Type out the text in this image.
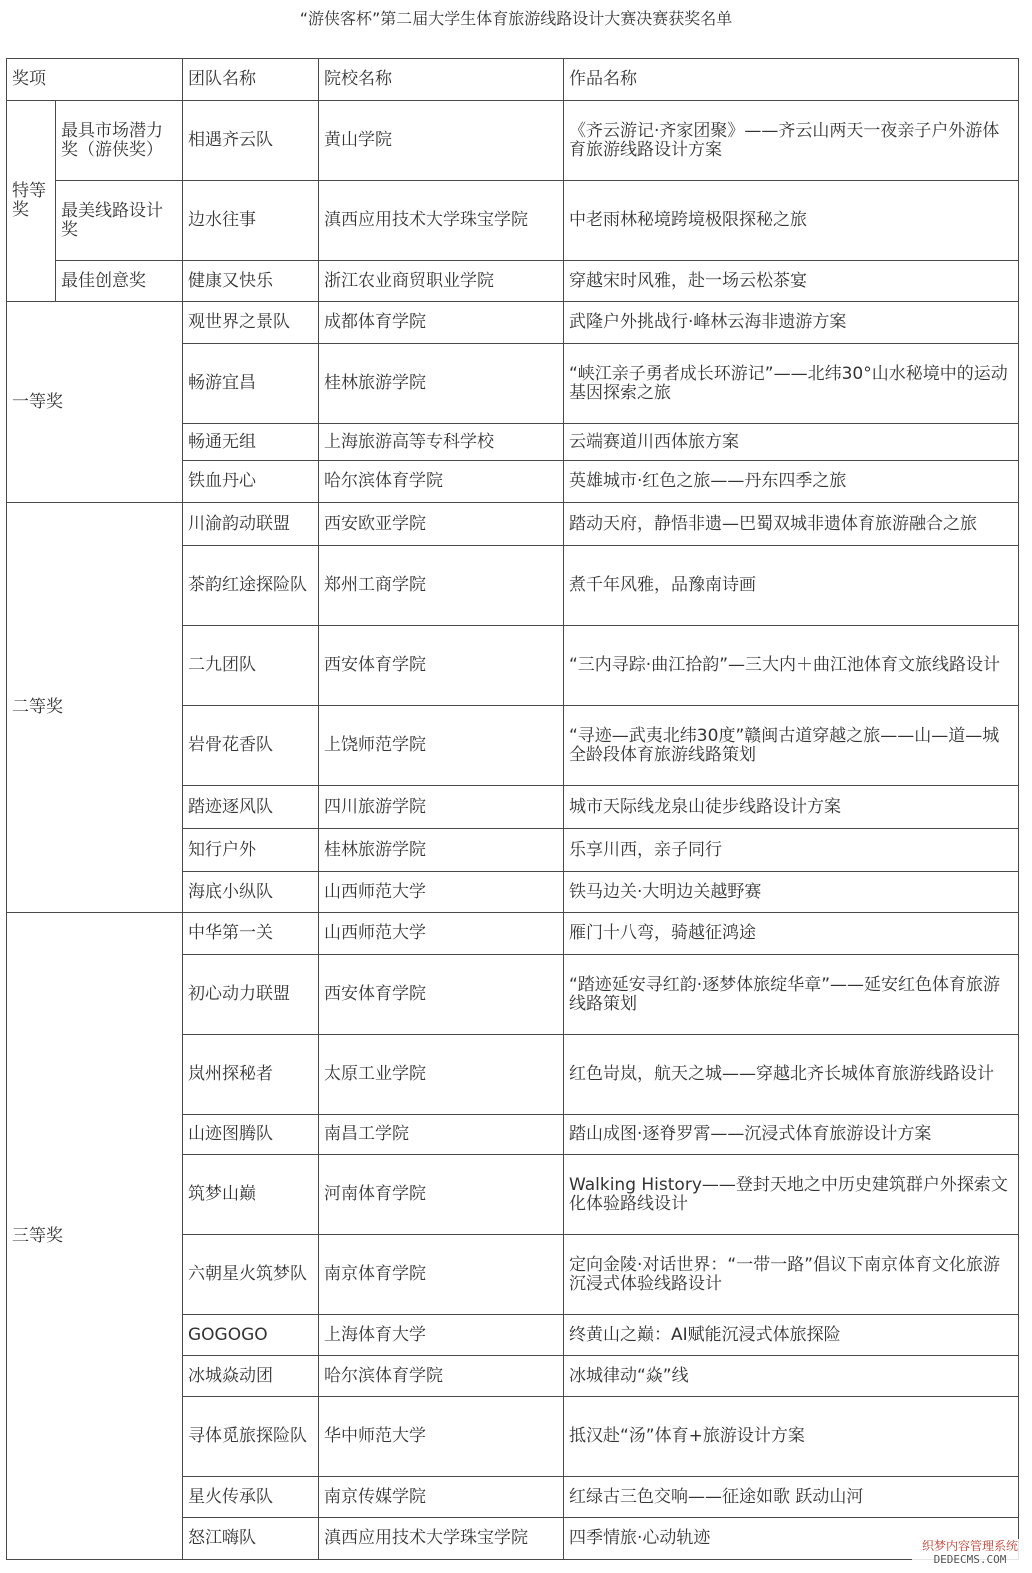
“游侠客杯”第二届大学生体育旅游线路设计大赛决赛获奖名单
奖项		团队名称	院校名称	作品名称
特等奖	最具市场潜力奖（游侠奖）	相遇齐云队	黄山学院	《齐云游记·齐家团聚》——齐云山两天一夜亲子户外游体育旅游线路设计方案
	最美线路设计奖	边水往事	滇西应用技术大学珠宝学院	中老雨林秘境跨境极限探秘之旅
	最佳创意奖	健康又快乐	浙江农业商贸职业学院	穿越宋时风雅，赴一场云松茶宴
一等奖		观世界之景队	成都体育学院	武隆户外挑战行·峰林云海非遗游方案
		畅游宜昌	桂林旅游学院	“峡江亲子勇者成长环游记”——北纬30°山水秘境中的运动基因探索之旅
		畅通无组	上海旅游高等专科学校	云端赛道川西体旅方案
		铁血丹心	哈尔滨体育学院	英雄城市·红色之旅——丹东四季之旅
二等奖		川渝韵动联盟	西安欧亚学院	踏动天府，静悟非遗—巴蜀双城非遗体育旅游融合之旅
		茶韵红途探险队	郑州工商学院	煮千年风雅，品豫南诗画
		二九团队	西安体育学院	“三内寻踪·曲江拾韵”—三大内＋曲江池体育文旅线路设计
		岩骨花香队	上饶师范学院	“寻迹—武夷北纬30度”赣闽古道穿越之旅——山—道—城全龄段体育旅游线路策划
		踏迹逐风队	四川旅游学院	城市天际线龙泉山徒步线路设计方案
		知行户外	桂林旅游学院	乐享川西，亲子同行
		海底小纵队	山西师范大学	铁马边关·大明边关越野赛
三等奖		中华第一关	山西师范大学	雁门十八弯，骑越征鸿途
		初心动力联盟	西安体育学院	“踏迹延安寻红韵·逐梦体旅绽华章”——延安红色体育旅游线路策划
		岚州探秘者	太原工业学院	红色岢岚，航天之城——穿越北齐长城体育旅游线路设计
		山迹图腾队	南昌工学院	踏山成图·逐脊罗霄——沉浸式体育旅游设计方案
		筑梦山巅	河南体育学院	Walking History——登封天地之中历史建筑群户外探索文化体验路线设计
		六朝星火筑梦队	南京体育学院	定向金陵·对话世界：“一带一路”倡议下南京体育文化旅游沉浸式体验线路设计
		GOGOGO	上海体育大学	终黄山之巅：AI赋能沉浸式体旅探险
		冰城焱动团	哈尔滨体育学院	冰城律动“焱”线
		寻体觅旅探险队	华中师范大学	抵汉赴“汤”体育+旅游设计方案
		星火传承队	南京传媒学院	红绿古三色交响——征途如歌 跃动山河
		怒江嗨队	滇西应用技术大学珠宝学院	四季情旅·心动轨迹	织梦内容管理系统
DEDECMS.COM
